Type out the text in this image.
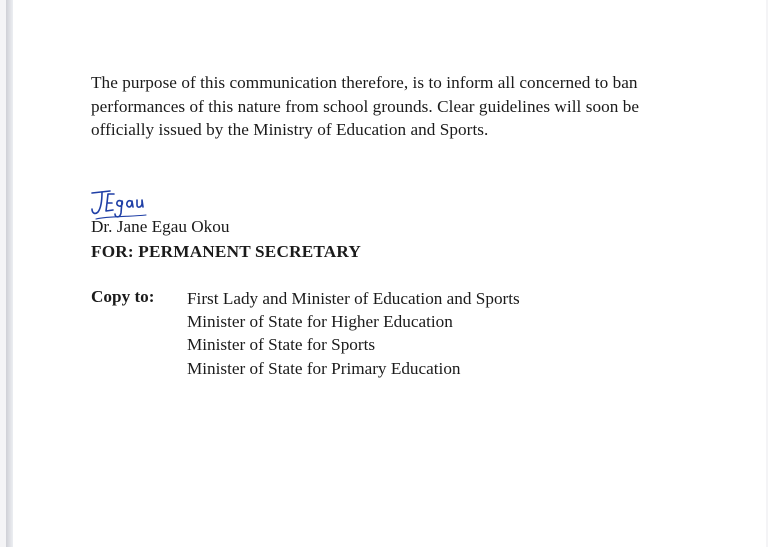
The purpose of this communication therefore, is to inform all concerned to ban
performances of this nature from school grounds. Clear guidelines will soon be
officially issued by the Ministry of Education and Sports.

Dr. Jane Egau Okou
FOR: PERMANENT SECRETARY
Copy to: First Lady and Minister of Education and Sports
Minister of State for Higher Education
Minister of State for Sports
Minister of State for Primary Education
